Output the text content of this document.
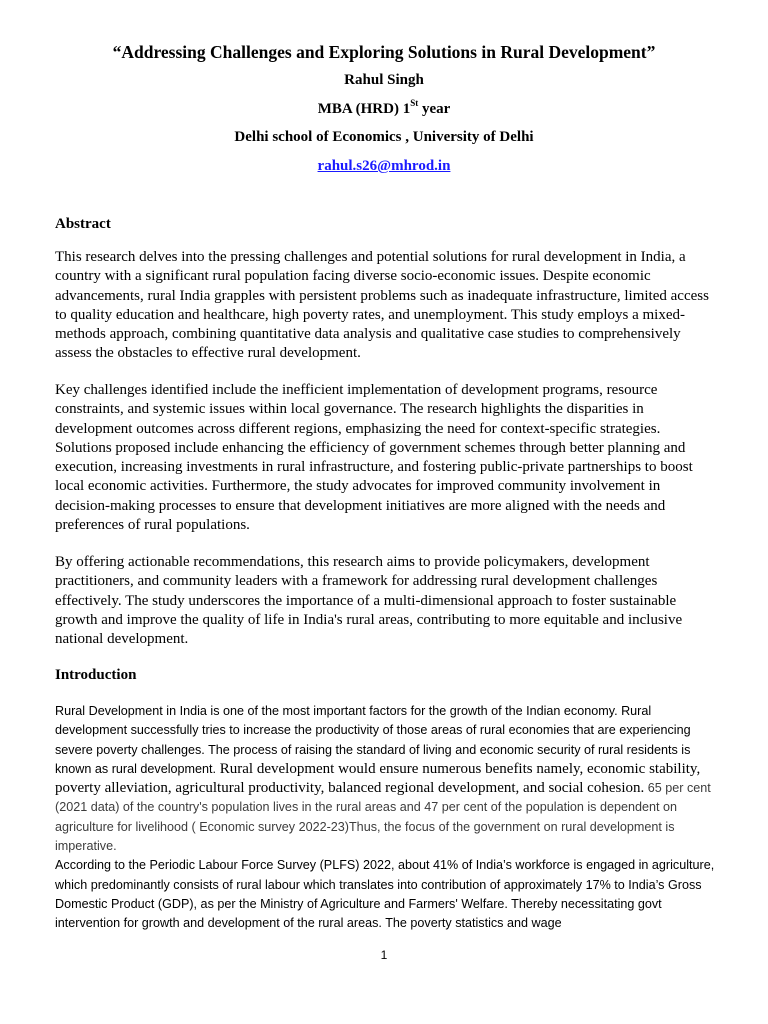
“Addressing Challenges and Exploring Solutions in Rural Development”
Rahul Singh
MBA (HRD) 1St year
Delhi school of Economics , University of Delhi
rahul.s26@mhrod.in
Abstract

This research delves into the pressing challenges and potential solutions for rural development in India, a country with a significant rural population facing diverse socio-economic issues. Despite economic advancements, rural India grapples with persistent problems such as inadequate infrastructure, limited access to quality education and healthcare, high poverty rates, and unemployment. This study employs a mixed-methods approach, combining quantitative data analysis and qualitative case studies to comprehensively assess the obstacles to effective rural development.

Key challenges identified include the inefficient implementation of development programs, resource constraints, and systemic issues within local governance. The research highlights the disparities in development outcomes across different regions, emphasizing the need for context-specific strategies. Solutions proposed include enhancing the efficiency of government schemes through better planning and execution, increasing investments in rural infrastructure, and fostering public-private partnerships to boost local economic activities. Furthermore, the study advocates for improved community involvement in decision-making processes to ensure that development initiatives are more aligned with the needs and preferences of rural populations.

By offering actionable recommendations, this research aims to provide policymakers, development practitioners, and community leaders with a framework for addressing rural development challenges effectively. The study underscores the importance of a multi-dimensional approach to foster sustainable growth and improve the quality of life in India's rural areas, contributing to more equitable and inclusive national development.

Introduction

Rural Development in India is one of the most important factors for the growth of the Indian economy. Rural development successfully tries to increase the productivity of those areas of rural economies that are experiencing severe poverty challenges. The process of raising the standard of living and economic security of rural residents is known as rural development. Rural development would ensure numerous benefits namely, economic stability, poverty alleviation, agricultural productivity, balanced regional development, and social cohesion. 65 per cent (2021 data) of the country's population lives in the rural areas and 47 per cent of the population is dependent on agriculture for livelihood ( Economic survey 2022-23)Thus, the focus of the government on rural development is imperative.
According to the Periodic Labour Force Survey (PLFS) 2022, about 41% of India’s workforce is engaged in agriculture, which predominantly consists of rural labour which translates into contribution of approximately 17% to India’s Gross Domestic Product (GDP), as per the Ministry of Agriculture and Farmers' Welfare. Thereby necessitating govt intervention for growth and development of the rural areas. The poverty statistics and wage

1
